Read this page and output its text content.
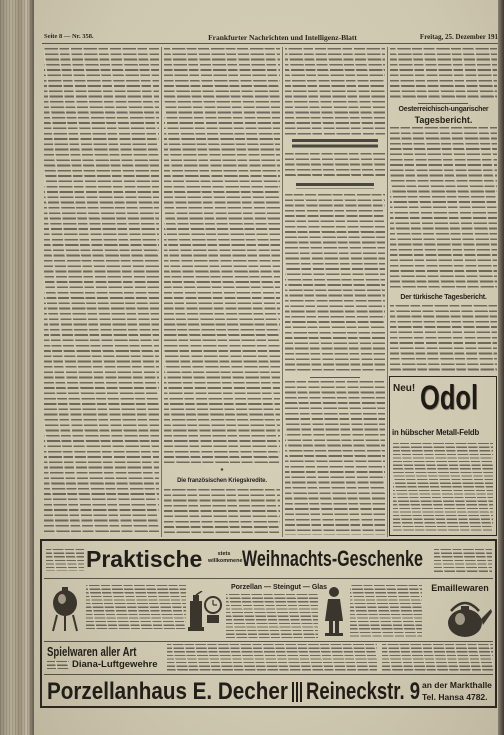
Seite 8 — Nr. 358.	Frankfurter Nachrichten und Intelligenz-Blatt	Freitag, 25. Dezember 191
*
Die französischen Kriegskredite.
Oesterreichisch-ungarischer
Tagesbericht.
Der türkische Tagesbericht.
Neu! Odol
in hübscher Metall-Feldb
Praktische	stets
willkommene Weihnachts-Geschenke
Porzellan — Steingut — Glas	Emaillewaren
Spielwaren aller Art
Diana-Luftgewehre
Porzellanhaus E. Decher Reineckstr. 9 an der Markthalle
Tel. Hansa 4782.
